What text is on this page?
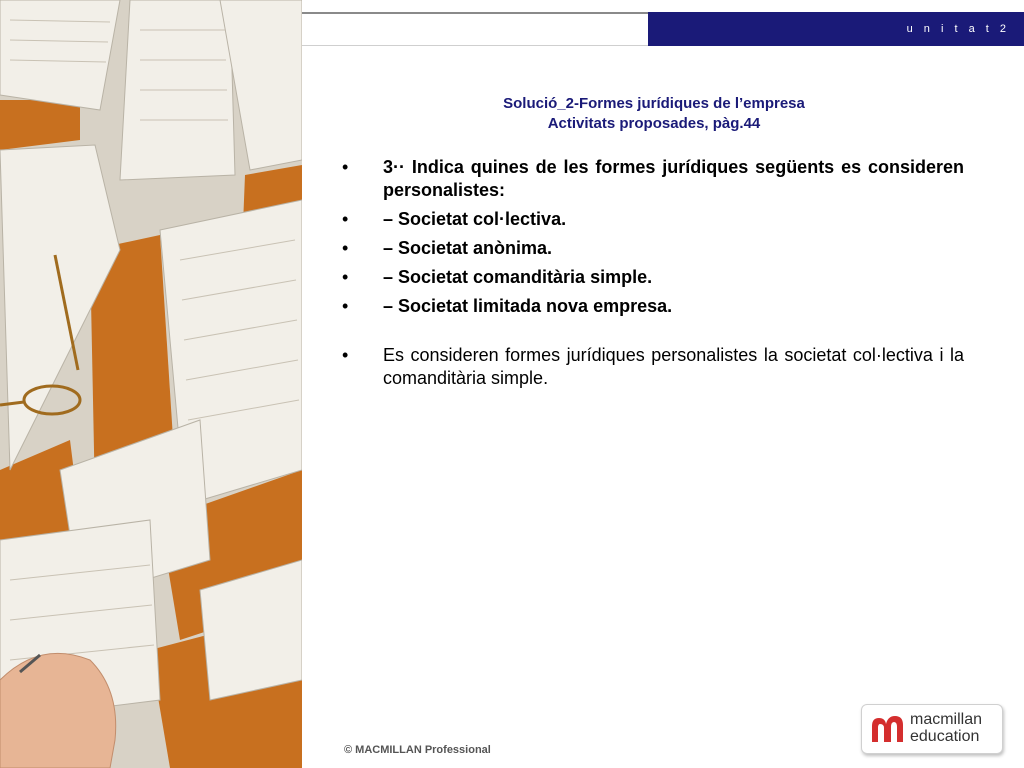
u n i t a t 2
Solució_2-Formes jurídiques de l’empresa
Activitats proposades, pàg.44
•	3·· Indica quines de les formes jurídiques següents es consideren personalistes:
•	– Societat col·lectiva.
•	– Societat anònima.
•	– Societat comanditària simple.
•	– Societat limitada nova empresa.
•	Es consideren formes jurídiques personalistes la societat col·lectiva i la comanditària simple.
© MACMILLAN Professional
macmillan
education
